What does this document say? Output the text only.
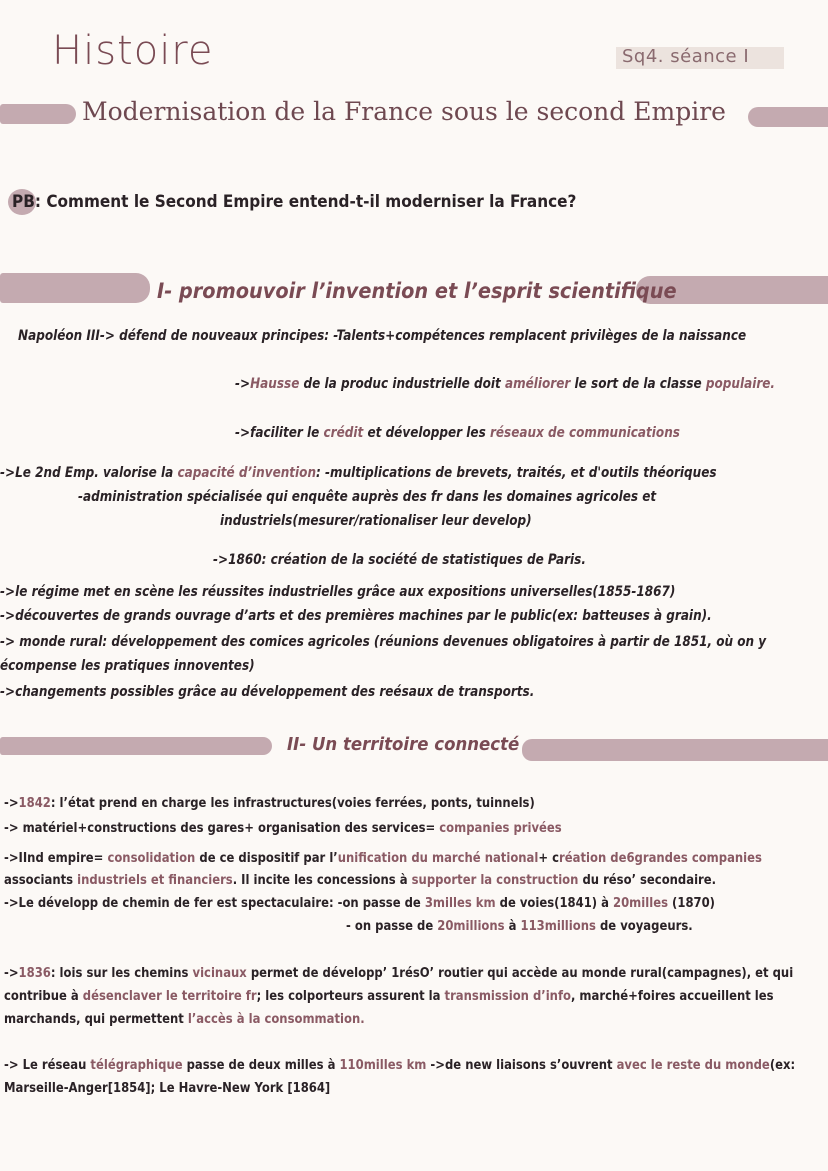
Histoire	Sq4. séance I
Modernisation de la France sous le second Empire
PB: Comment le Second Empire entend-t-il moderniser la France?
I- promouvoir l’invention et l’esprit scientifique
Napoléon III-> défend de nouveaux principes: -Talents+compétences remplacent privilèges de la naissance
->Hausse de la produc industrielle doit améliorer le sort de la classe populaire.
->faciliter le crédit et développer les réseaux de communications
->Le 2nd Emp. valorise la capacité d’invention: -multiplications de brevets, traités, et d'outils théoriques
-administration spécialisée qui enquête auprès des fr dans les domaines agricoles et
industriels(mesurer/rationaliser leur develop)
->1860: création de la société de statistiques de Paris.
->le régime met en scène les réussites industrielles grâce aux expositions universelles(1855-1867)
->découvertes de grands ouvrage d’arts et des premières machines par le public(ex: batteuses à grain).
-> monde rural: développement des comices agricoles (réunions devenues obligatoires à partir de 1851, où on y
écompense les pratiques innoventes)
->changements possibles grâce au développement des reésaux de transports.
II- Un territoire connecté
->1842: l’état prend en charge les infrastructures(voies ferrées, ponts, tuinnels)
-> matériel+constructions des gares+ organisation des services= companies privées
->IInd empire= consolidation de ce dispositif par l’unification du marché national+ création de6grandes companies
associants industriels et financiers. Il incite les concessions à supporter la construction du réso’ secondaire.
->Le développ de chemin de fer est spectaculaire: -on passe de 3milles km de voies(1841) à 20milles (1870)
- on passe de 20millions à 113millions de voyageurs.
->1836: lois sur les chemins vicinaux permet de développ’ 1résO’ routier qui accède au monde rural(campagnes), et qui
contribue à désenclaver le territoire fr; les colporteurs assurent la transmission d’info, marché+foires accueillent les
marchands, qui permettent l’accès à la consommation.
-> Le réseau télégraphique passe de deux milles à 110milles km ->de new liaisons s’ouvrent avec le reste du monde(ex:
Marseille-Anger[1854]; Le Havre-New York [1864]
